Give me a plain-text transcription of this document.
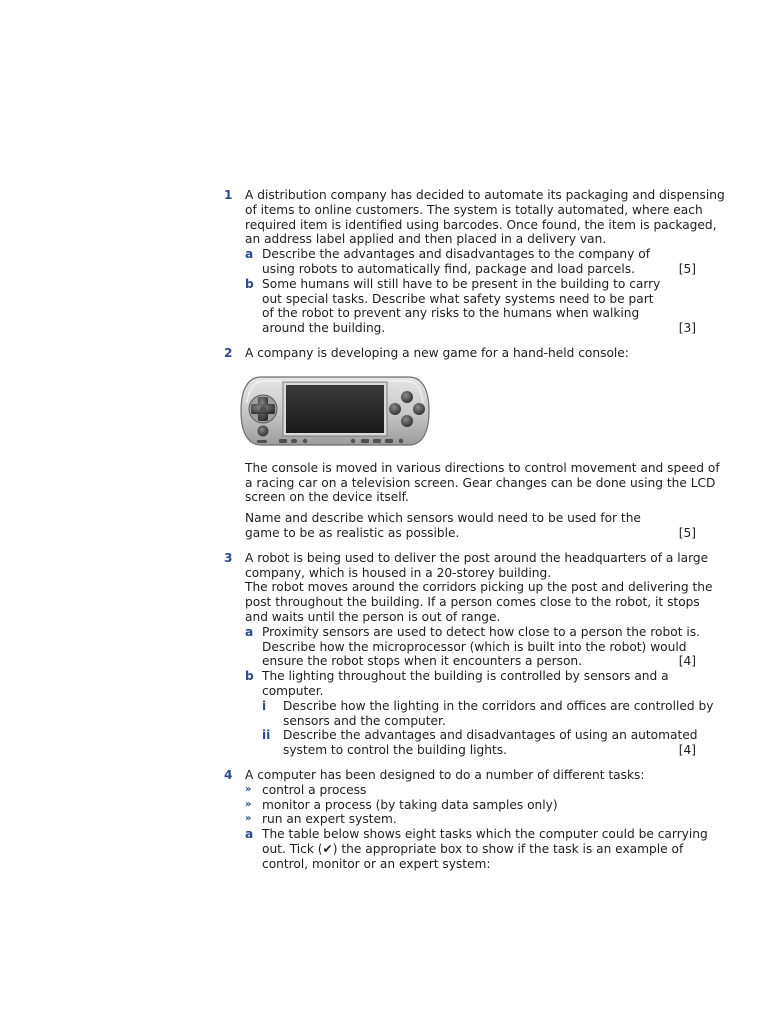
1 A distribution company has decided to automate its packaging and dispensing
of items to online customers. The system is totally automated, where each
required item is identified using barcodes. Once found, the item is packaged,
an address label applied and then placed in a delivery van.
a Describe the advantages and disadvantages to the company of
using robots to automatically find, package and load parcels.	[5]
b Some humans will still have to be present in the building to carry
out special tasks. Describe what safety systems need to be part
of the robot to prevent any risks to the humans when walking
around the building.	[3]
2 A company is developing a new game for a hand-held console:
The console is moved in various directions to control movement and speed of
a racing car on a television screen. Gear changes can be done using the LCD
screen on the device itself.
Name and describe which sensors would need to be used for the
game to be as realistic as possible.	[5]
3 A robot is being used to deliver the post around the headquarters of a large
company, which is housed in a 20-storey building.
The robot moves around the corridors picking up the post and delivering the
post throughout the building. If a person comes close to the robot, it stops
and waits until the person is out of range.
a Proximity sensors are used to detect how close to a person the robot is.
Describe how the microprocessor (which is built into the robot) would
ensure the robot stops when it encounters a person.	[4]
b The lighting throughout the building is controlled by sensors and a
computer.
i Describe how the lighting in the corridors and offices are controlled by
sensors and the computer.
ii Describe the advantages and disadvantages of using an automated
system to control the building lights.	[4]
4 A computer has been designed to do a number of different tasks:
» control a process
» monitor a process (by taking data samples only)
» run an expert system.
a The table below shows eight tasks which the computer could be carrying
out. Tick (✔) the appropriate box to show if the task is an example of
control, monitor or an expert system:
